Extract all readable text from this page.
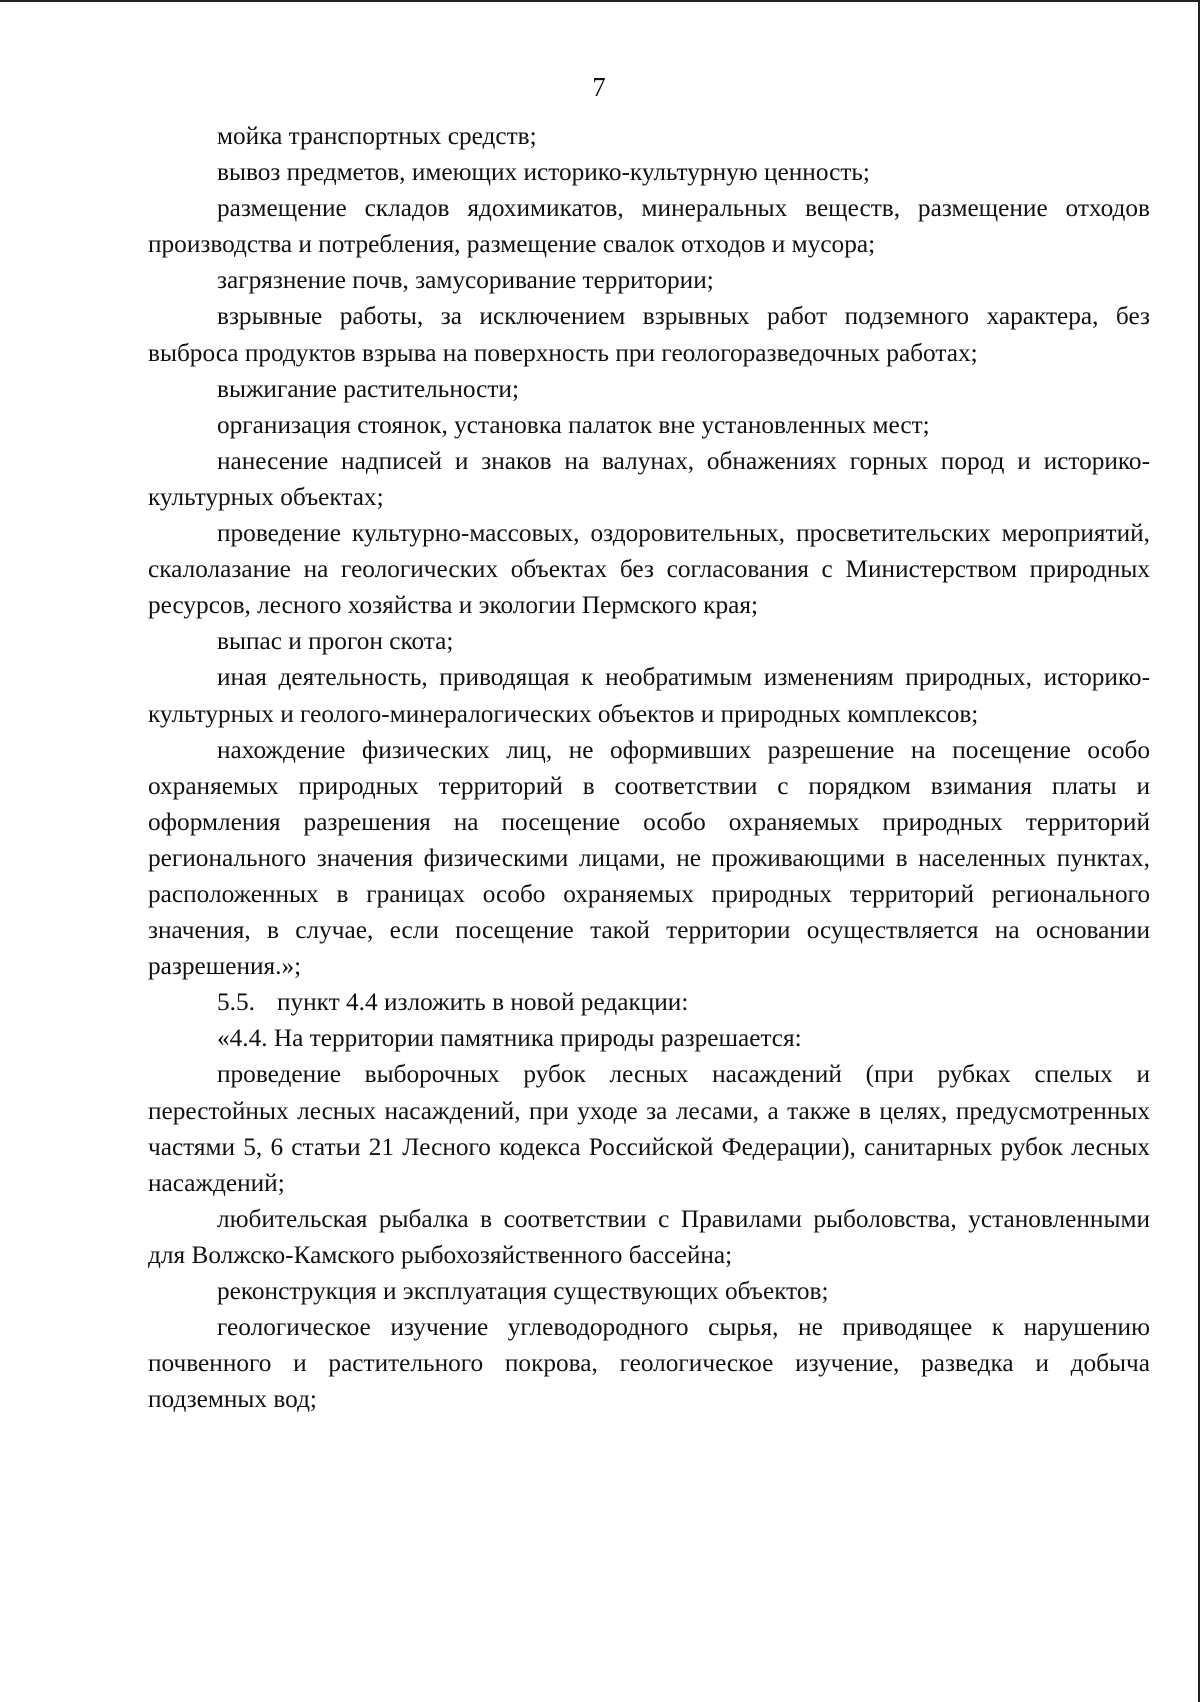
7

мойка транспортных средств;

вывоз предметов, имеющих историко-культурную ценность;

размещение складов ядохимикатов, минеральных веществ, размещение отходов производства и потребления, размещение свалок отходов и мусора;

загрязнение почв, замусоривание территории;

взрывные работы, за исключением взрывных работ подземного характера, без выброса продуктов взрыва на поверхность при геологоразведочных работах;

выжигание растительности;

организация стоянок, установка палаток вне установленных мест;

нанесение надписей и знаков на валунах, обнажениях горных пород и историко-культурных объектах;

проведение культурно-массовых, оздоровительных, просветительских мероприятий, скалолазание на геологических объектах без согласования с Министерством природных ресурсов, лесного хозяйства и экологии Пермского края;

выпас и прогон скота;

иная деятельность, приводящая к необратимым изменениям природных, историко-культурных и геолого-минералогических объектов и природных комплексов;

нахождение физических лиц, не оформивших разрешение на посещение особо охраняемых природных территорий в соответствии с порядком взимания платы и оформления разрешения на посещение особо охраняемых природных территорий регионального значения физическими лицами, не проживающими в населенных пунктах, расположенных в границах особо охраняемых природных территорий регионального значения, в случае, если посещение такой территории осуществляется на основании разрешения.»;

5.5. пункт 4.4 изложить в новой редакции:

«4.4. На территории памятника природы разрешается:

проведение выборочных рубок лесных насаждений (при рубках спелых и перестойных лесных насаждений, при уходе за лесами, а также в целях, предусмотренных частями 5, 6 статьи 21 Лесного кодекса Российской Федерации), санитарных рубок лесных насаждений;

любительская рыбалка в соответствии с Правилами рыболовства, установленными для Волжско-Камского рыбохозяйственного бассейна;

реконструкция и эксплуатация существующих объектов;

геологическое изучение углеводородного сырья, не приводящее к нарушению почвенного и растительного покрова, геологическое изучение, разведка и добыча подземных вод;
